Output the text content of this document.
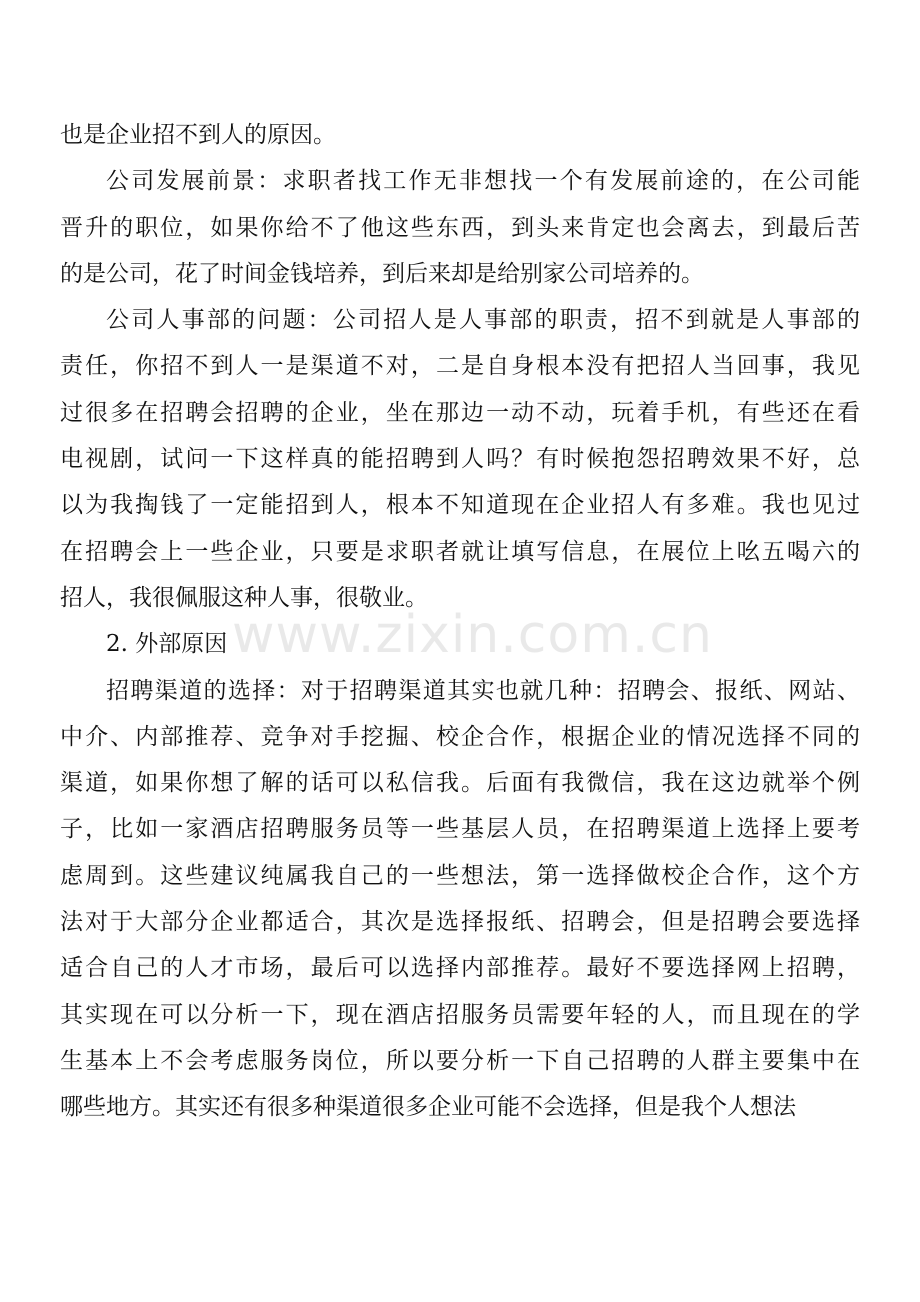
也是企业招不到人的原因。
公司发展前景：求职者找工作无非想找一个有发展前途的，在公司能
晋升的职位，如果你给不了他这些东西，到头来肯定也会离去，到最后苦
的是公司，花了时间金钱培养，到后来却是给别家公司培养的。
公司人事部的问题：公司招人是人事部的职责，招不到就是人事部的
责任，你招不到人一是渠道不对，二是自身根本没有把招人当回事，我见
过很多在招聘会招聘的企业，坐在那边一动不动，玩着手机，有些还在看
电视剧，试问一下这样真的能招聘到人吗？有时候抱怨招聘效果不好，总
以为我掏钱了一定能招到人，根本不知道现在企业招人有多难。我也见过
在招聘会上一些企业，只要是求职者就让填写信息，在展位上吆五喝六的
招人，我很佩服这种人事，很敬业。
2. 外部原因
招聘渠道的选择：对于招聘渠道其实也就几种：招聘会、报纸、网站、
中介、内部推荐、竞争对手挖掘、校企合作，根据企业的情况选择不同的
渠道，如果你想了解的话可以私信我。后面有我微信，我在这边就举个例
子，比如一家酒店招聘服务员等一些基层人员，在招聘渠道上选择上要考
虑周到。这些建议纯属我自己的一些想法，第一选择做校企合作，这个方
法对于大部分企业都适合，其次是选择报纸、招聘会，但是招聘会要选择
适合自己的人才市场，最后可以选择内部推荐。最好不要选择网上招聘，
其实现在可以分析一下，现在酒店招服务员需要年轻的人，而且现在的学
生基本上不会考虑服务岗位，所以要分析一下自己招聘的人群主要集中在
哪些地方。其实还有很多种渠道很多企业可能不会选择，但是我个人想法
www.zixin.com.cn
